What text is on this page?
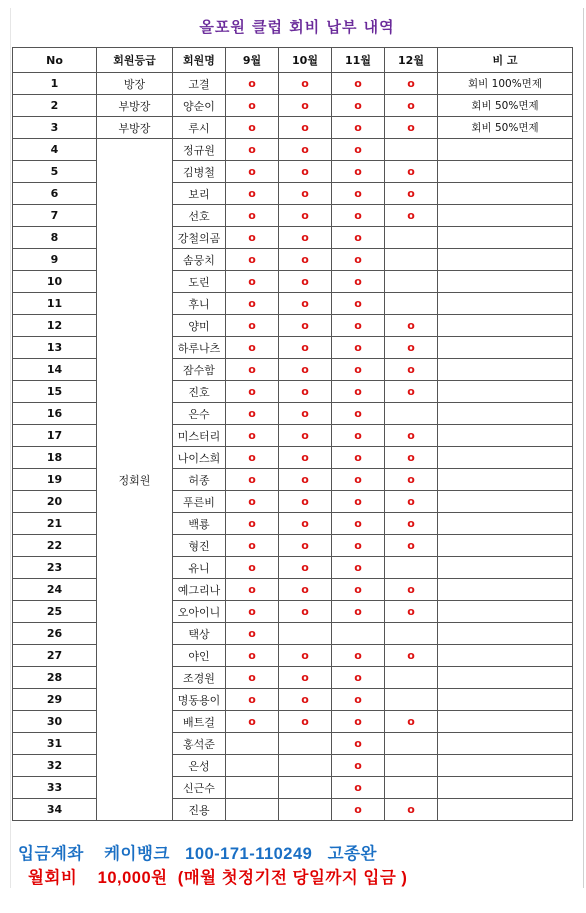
올포원 클럽 회비 납부 내역
No	회원등급	회원명	9월	10월	11월	12월	비 고
1	방장	고결	o	o	o	o	회비 100%면제
2	부방장	양순이	o	o	o	o	회비 50%면제
3	부방장	루시	o	o	o	o	회비 50%면제
4	정회원	정규원	o	o	o		
5		김병철	o	o	o	o	
6		보리	o	o	o	o	
7		선호	o	o	o	o	
8		강철의곰	o	o	o		
9		솜뭉치	o	o	o		
10		도린	o	o	o		
11		후니	o	o	o		
12		양미	o	o	o	o	
13		하루나츠	o	o	o	o	
14		잠수함	o	o	o	o	
15		진호	o	o	o	o	
16		은수	o	o	o		
17		미스터리	o	o	o	o	
18		나이스희	o	o	o	o	
19		허종	o	o	o	o	
20		푸른비	o	o	o	o	
21		백룡	o	o	o	o	
22		형진	o	o	o	o	
23		유니	o	o	o		
24		예그리나	o	o	o	o	
25		오아이니	o	o	o	o	
26		택상	o				
27		야인	o	o	o	o	
28		조경원	o	o	o		
29		명동용이	o	o	o		
30		배트걸	o	o	o	o	
31		홍석준			o		
32		은성			o		
33		신근수			o		
34		진용			o	o	
입금계좌 케이뱅크 100-171-110249 고종완
월회비 10,000원 (매월 첫정기전 당일까지 입금 )
